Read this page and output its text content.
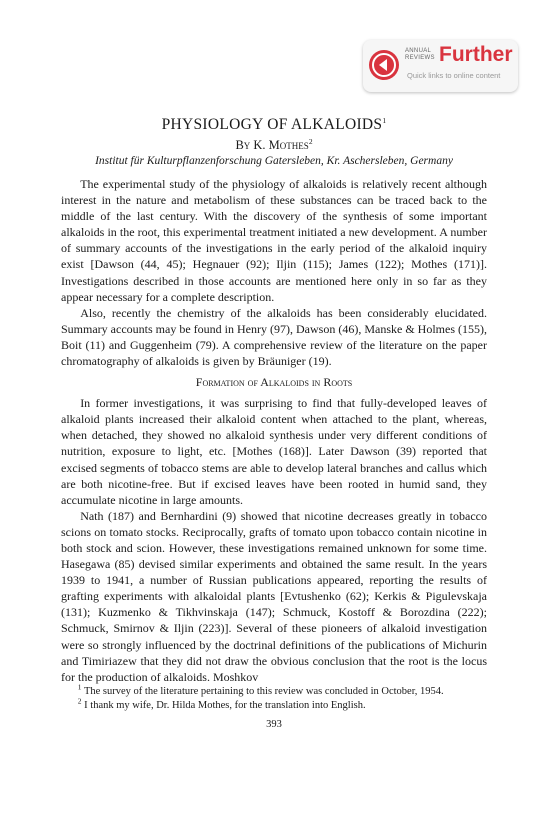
ANNUAL REVIEWS Further
Quick links to online content

PHYSIOLOGY OF ALKALOIDS$^1$

By K. Mothes$^2$

Institut für Kulturpflanzenforschung Gatersleben, Kr. Aschersleben, Germany

The experimental study of the physiology of alkaloids is relatively recent although interest in the nature and metabolism of these substances can be traced back to the middle of the last century. With the discovery of the synthesis of some important alkaloids in the root, this experimental treatment initiated a new development. A number of summary accounts of the investigations in the early period of the alkaloid inquiry exist [Dawson (44, 45); Hegnauer (92); Iljin (115); James (122); Mothes (171)]. Investigations described in those accounts are mentioned here only in so far as they appear necessary for a complete description.

Also, recently the chemistry of the alkaloids has been considerably elucidated. Summary accounts may be found in Henry (97), Dawson (46), Manske & Holmes (155), Boit (11) and Guggenheim (79). A comprehensive review of the literature on the paper chromatography of alkaloids is given by Bräuniger (19).

Formation of Alkaloids in Roots

In former investigations, it was surprising to find that fully-developed leaves of alkaloid plants increased their alkaloid content when attached to the plant, whereas, when detached, they showed no alkaloid synthesis under very different conditions of nutrition, exposure to light, etc. [Mothes (168)]. Later Dawson (39) reported that excised segments of tobacco stems are able to develop lateral branches and callus which are both nicotine-free. But if excised leaves have been rooted in humid sand, they accumulate nicotine in large amounts.

Nath (187) and Bernhardini (9) showed that nicotine decreases greatly in tobacco scions on tomato stocks. Reciprocally, grafts of tomato upon tobacco contain nicotine in both stock and scion. However, these investigations remained unknown for some time. Hasegawa (85) devised similar experiments and obtained the same result. In the years 1939 to 1941, a number of Russian publications appeared, reporting the results of grafting experiments with alkaloidal plants [Evtushenko (62); Kerkis & Pigulevskaja (131); Kuzmenko & Tikhvinskaja (147); Schmuck, Kostoff & Borozdina (222); Schmuck, Smirnov & Iljin (223)]. Several of these pioneers of alkaloid investigation were so strongly influenced by the doctrinal definitions of the publications of Michurin and Timiriazew that they did not draw the obvious conclusion that the root is the locus for the production of alkaloids. Moshkov

$^1$ The survey of the literature pertaining to this review was concluded in October, 1954.

$^2$ I thank my wife, Dr. Hilda Mothes, for the translation into English.

393
